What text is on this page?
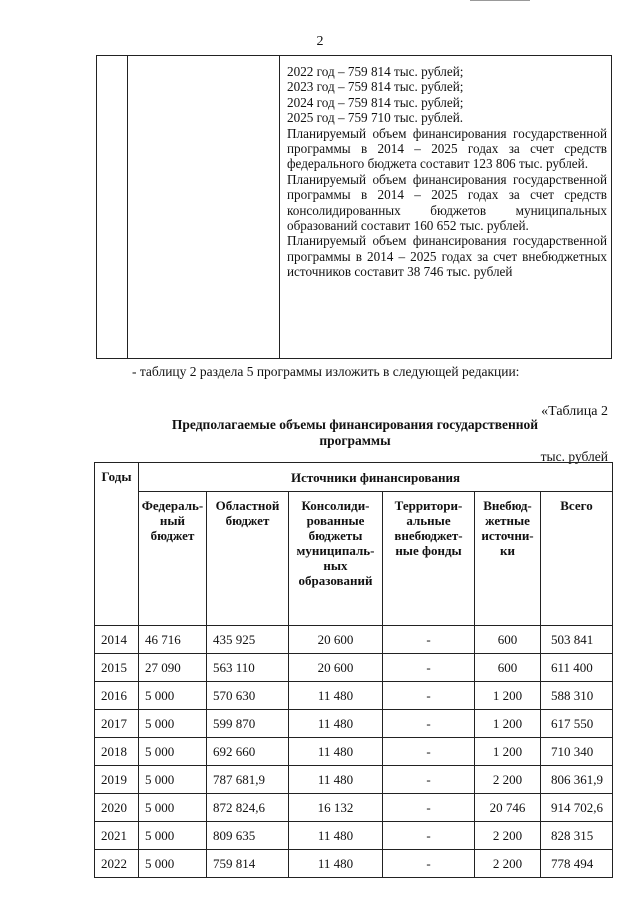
2
2022 год – 759 814 тыс. рублей;
2023 год – 759 814 тыс. рублей;
2024 год – 759 814 тыс. рублей;
2025 год – 759 710 тыс. рублей.
Планируемый объем финансирования государственной программы в 2014 – 2025 годах за счет средств федерального бюджета составит 123 806 тыс. рублей.
Планируемый объем финансирования государственной программы в 2014 – 2025 годах за счет средств консолидированных бюджетов муниципальных образований составит 160 652 тыс. рублей.
Планируемый объем финансирования государственной программы в 2014 – 2025 годах за счет внебюджетных источников составит 38 746 тыс. рублей
- таблицу 2 раздела 5 программы изложить в следующей редакции:
«Таблица 2
Предполагаемые объемы финансирования государственной программы
тыс. рублей
Годы	Источники финансирования					
	Федераль-ный бюджет	Областной бюджет	Консолиди-рованные бюджеты муниципаль-ных образований	Территори-альные внебюджет-ные фонды	Внебюд-жетные источни-ки	Всего
2014	46 716	435 925	20 600	-	600	503 841
2015	27 090	563 110	20 600	-	600	611 400
2016	5 000	570 630	11 480	-	1 200	588 310
2017	5 000	599 870	11 480	-	1 200	617 550
2018	5 000	692 660	11 480	-	1 200	710 340
2019	5 000	787 681,9	11 480	-	2 200	806 361,9
2020	5 000	872 824,6	16 132	-	20 746	914 702,6
2021	5 000	809 635	11 480	-	2 200	828 315
2022	5 000	759 814	11 480	-	2 200	778 494
